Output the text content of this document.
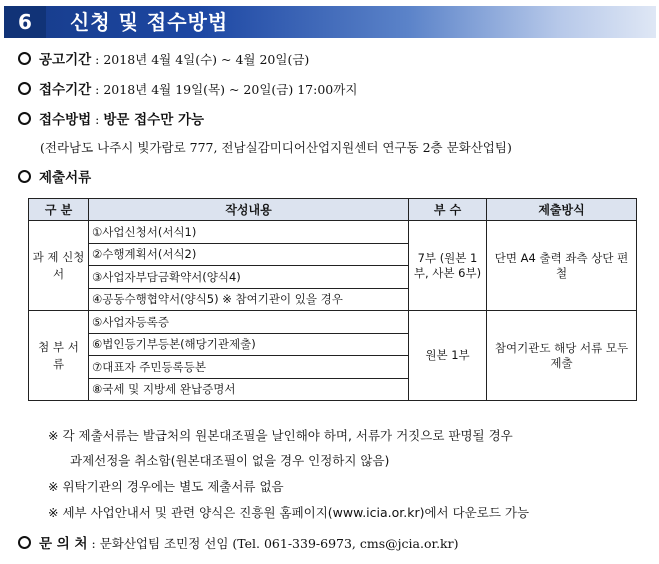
6	신청 및 접수방법
공고기간 : 2018년 4월 4일(수) ~ 4월 20일(금)
접수기간 : 2018년 4월 19일(목) ~ 20일(금) 17:00까지
접수방법 : 방문 접수만 가능
(전라남도 나주시 빛가람로 777, 전남실감미디어산업지원센터 연구동 2층 문화산업팀)
제출서류
구 분	작성내용	부 수	제출방식
과 제 신청서	①사업신청서(서식1)	7부 (원본 1부, 사본 6부)	단면 A4 출력 좌측 상단 편철
	②수행계획서(서식2)		
	③사업자부담금확약서(양식4)		
	④공동수행협약서(양식5) ※ 참여기관이 있을 경우		
첨 부 서 류	⑤사업자등록증	원본 1부	참여기관도 해당 서류 모두 제출
	⑥법인등기부등본(해당기관제출)		
	⑦대표자 주민등록등본		
	⑧국세 및 지방세 완납증명서		
※ 각 제출서류는 발급처의 원본대조필을 날인해야 하며, 서류가 거짓으로 판명될 경우
과제선정을 취소함(원본대조필이 없을 경우 인정하지 않음)
※ 위탁기관의 경우에는 별도 제출서류 없음
※ 세부 사업안내서 및 관련 양식은 진흥원 홈페이지(www.icia.or.kr)에서 다운로드 가능
문 의 처 : 문화산업팀 조민정 선임 (Tel. 061-339-6973, cms@jcia.or.kr)
